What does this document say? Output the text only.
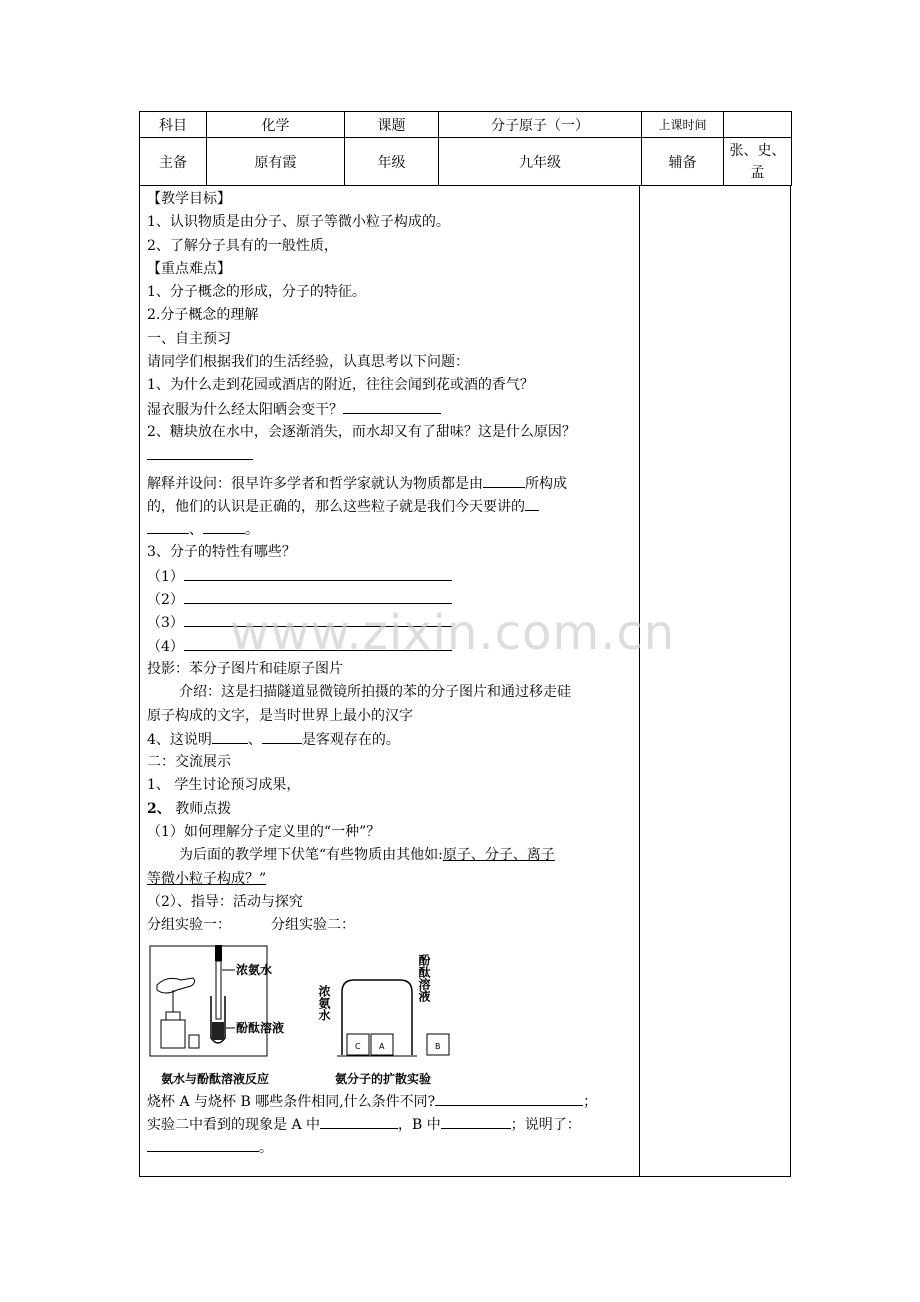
科目	化学	课题	分子原子（一）	上课时间	
主备	原有霞	年级	九年级	辅备	张、史、孟
【教学目标】
1、认识物质是由分子、原子等微小粒子构成的。
2、了解分子具有的一般性质，
【重点难点】
1、分子概念的形成，分子的特征。
2.分子概念的理解
一、自主预习
请同学们根据我们的生活经验，认真思考以下问题：
1、为什么走到花园或酒店的附近，往往会闻到花或酒的香气？
湿衣服为什么经太阳晒会变干？
2、糖块放在水中，会逐渐消失，而水却又有了甜味？这是什么原因？
解释并设问：很早许多学者和哲学家就认为物质都是由	所构成
的，他们的认识是正确的，那么这些粒子就是我们今天要讲的
、	。
3、分子的特性有哪些？
（1）
（2）
（3）
（4）
投影：苯分子图片和硅原子图片
介绍：这是扫描隧道显微镜所拍摄的苯的分子图片和通过移走硅
原子构成的文字，是当时世界上最小的汉字
4、这说明	、	是客观存在的。
二：交流展示
1、 学生讨论预习成果，
2、 教师点拨
（1）如何理解分子定义里的“一种”？
为后面的教学埋下伏笔“有些物质由其他如:原子、分子、离子
等微小粒子构成？”
（2）、指导：活动与探究
分组实验一：	分组实验二：
浓氨水
酚酞溶液
氨水与酚酞溶液反应
C A	B
浓氨水
酚酞溶液
氨分子的扩散实验
烧杯 A 与烧杯 B 哪些条件相同,什么条件不同?	；
实验二中看到的现象是 A 中	，B 中	；说明了：
。
www.zixin.com.cn
